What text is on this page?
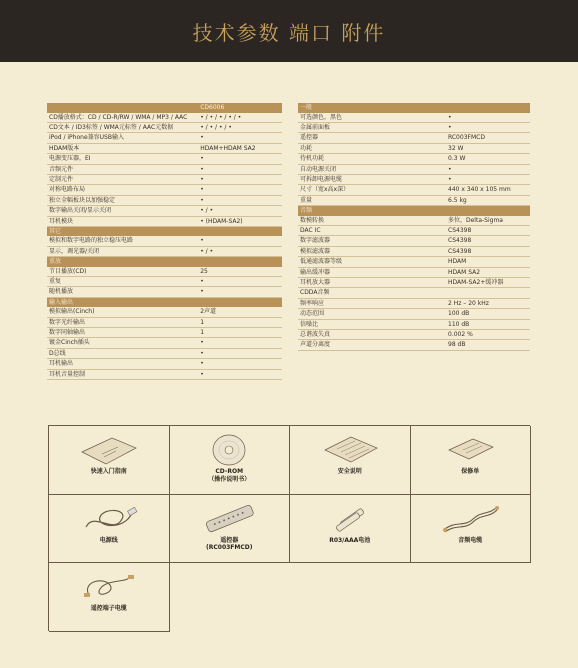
技术参数 端口 附件
	CD6006
CD播放格式：CD / CD-R/RW / WMA / MP3 / AAC	• / • / • / • / •
CD文本 / ID3标签 / WMA元标签 / AAC元数据	• / • / • / •
iPod / iPhone兼容USB输入	•
HDAM版本	HDAM+HDAM SA2
电源变压器，EI	•
音频元件	•
定制元件	•
对称电路布局	•
独立全幅板块以加强稳定	•
数字输出关闭/显示关闭	• / •
耳机模块	• (HDAM-SA2)
其它	
模拟和数字电路的独立稳压电路	•
显示，调光器/关闭	• / •
重放	
节目播放(CD)	25
重复	•
随机播放	•
输入输出	
模拟输出(Cinch)	2声道
数字光纤输出	1
数字同轴输出	1
镀金Cinch插头	•
D总线	•
耳机输出	•
耳机音量控制	•
一般	
可选颜色，黑色	•
金属前面板	•
遥控器	RC003FMCD
功耗	32 W
待机功耗	0.3 W
自动电源关闭	•
可拆卸电源电缆	•
尺寸（宽x高x深）	440 x 340 x 105 mm
重量	6.5 kg
音频	
数模转换	多位，Delta-Sigma
DAC IC	CS4398
数字滤波器	CS4398
模拟滤波器	CS4398
低通滤波器等级	HDAM
输出缓冲器	HDAM SA2
耳机放大器	HDAM-SA2+缓冲器
CDDA音频	
频率响应	2 Hz – 20 kHz
动态范围	100 dB
信噪比	110 dB
总谐波失真	0.002 %
声道分离度	98 dB
快速入门指南	CD-ROM
（操作说明书）
安全说明	保修单
电源线	遥控器
(RC003FMCD)
R03/AAA电池	音频电缆
遥控端子电缆
